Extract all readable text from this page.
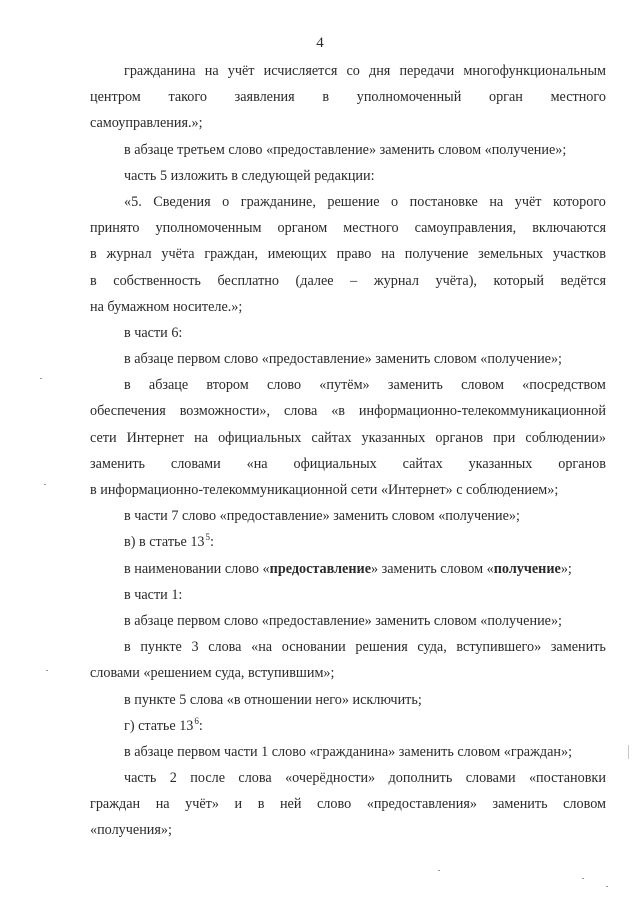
4
гражданина на учёт исчисляется со дня передачи многофункциональным
центром такого заявления в уполномоченный орган местного
самоуправления.»;
в абзаце третьем слово «предоставление» заменить словом «получение»;
часть 5 изложить в следующей редакции:
«5. Сведения о гражданине, решение о постановке на учёт которого
принято уполномоченным органом местного самоуправления, включаются
в журнал учёта граждан, имеющих право на получение земельных участков
в собственность бесплатно (далее – журнал учёта), который ведётся
на бумажном носителе.»;
в части 6:
в абзаце первом слово «предоставление» заменить словом «получение»;
в абзаце втором слово «путём» заменить словом «посредством
обеспечения возможности», слова «в информационно-телекоммуникационной
сети Интернет на официальных сайтах указанных органов при соблюдении»
заменить словами «на официальных сайтах указанных органов
в информационно-телекоммуникационной сети «Интернет» с соблюдением»;
в части 7 слово «предоставление» заменить словом «получение»;
в) в статье $13^5$:
в наименовании слово «предоставление» заменить словом «получение»;
в части 1:
в абзаце первом слово «предоставление» заменить словом «получение»;
в пункте 3 слова «на основании решения суда, вступившего» заменить
словами «решением суда, вступившим»;
в пункте 5 слова «в отношении него» исключить;
г) статье $13^6$:
в абзаце первом части 1 слово «гражданина» заменить словом «граждан»;
часть 2 после слова «очерёдности» дополнить словами «постановки
граждан на учёт» и в ней слово «предоставления» заменить словом
«получения»;
